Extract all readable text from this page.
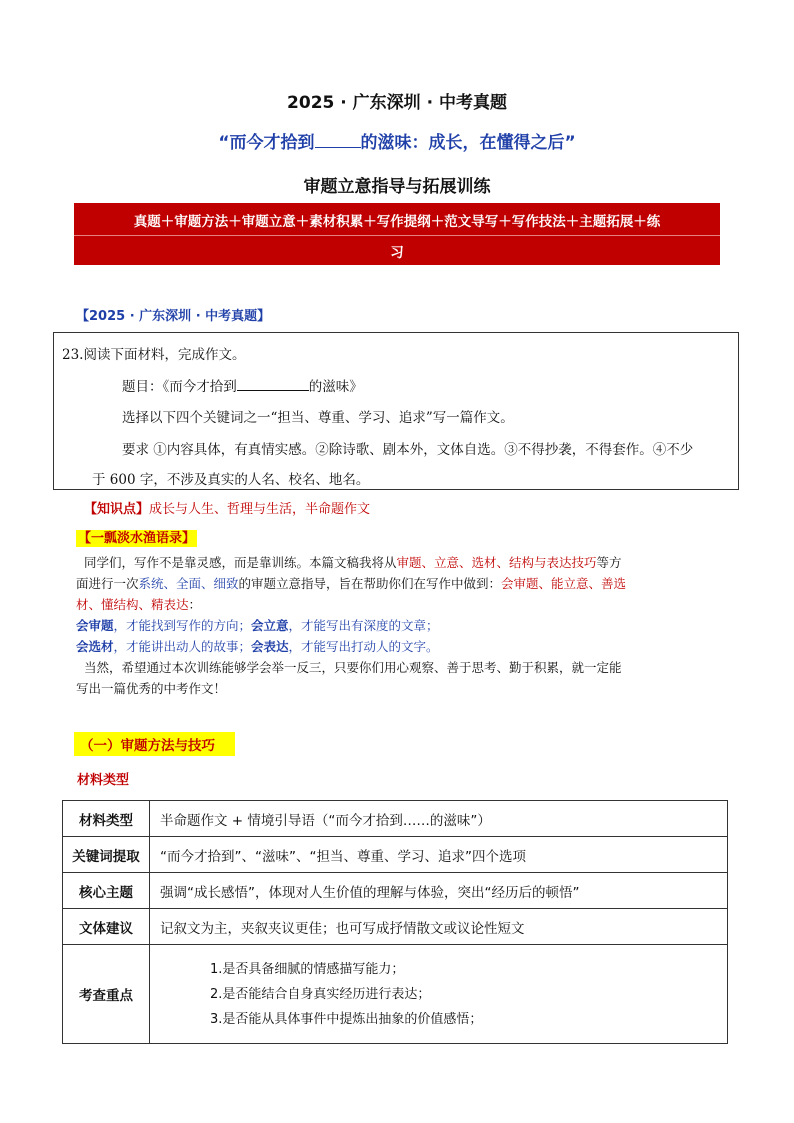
2025 · 广东深圳 · 中考真题
“而今才拾到	的滋味：成长，在懂得之后”
审题立意指导与拓展训练
真题＋审题方法＋审题立意＋素材积累＋写作提纲＋范文导写＋写作技法＋主题拓展＋练
习
【2025 · 广东深圳 · 中考真题】
23.阅读下面材料，完成作文。
题目：《而今才拾到	的滋味》
选择以下四个关键词之一“担当、尊重、学习、追求”写一篇作文。
要求 ①内容具体，有真情实感。②除诗歌、剧本外，文体自选。③不得抄袭，不得套作。④不少
于 600 字，不涉及真实的人名、校名、地名。
【知识点】成长与人生、哲理与生活，半命题作文
【一瓢淡水渔语录】
同学们，写作不是靠灵感，而是靠训练。本篇文稿我将从审题、立意、选材、结构与表达技巧等方
面进行一次系统、全面、细致的审题立意指导，旨在帮助你们在写作中做到：会审题、能立意、善选
材、懂结构、精表达：
会审题，才能找到写作的方向；会立意，才能写出有深度的文章；
会选材，才能讲出动人的故事；会表达，才能写出打动人的文字。
当然，希望通过本次训练能够学会举一反三，只要你们用心观察、善于思考、勤于积累，就一定能
写出一篇优秀的中考作文！
（一）审题方法与技巧
材料类型
材料类型	半命题作文 + 情境引导语（“而今才拾到……的滋味”）
关键词提取	“而今才拾到”、“滋味”、“担当、尊重、学习、追求”四个选项
核心主题	强调“成长感悟”，体现对人生价值的理解与体验，突出“经历后的顿悟”
文体建议	记叙文为主，夹叙夹议更佳；也可写成抒情散文或议论性短文
考查重点	1.是否具备细腻的情感描写能力；
2.是否能结合自身真实经历进行表达；
3.是否能从具体事件中提炼出抽象的价值感悟；
